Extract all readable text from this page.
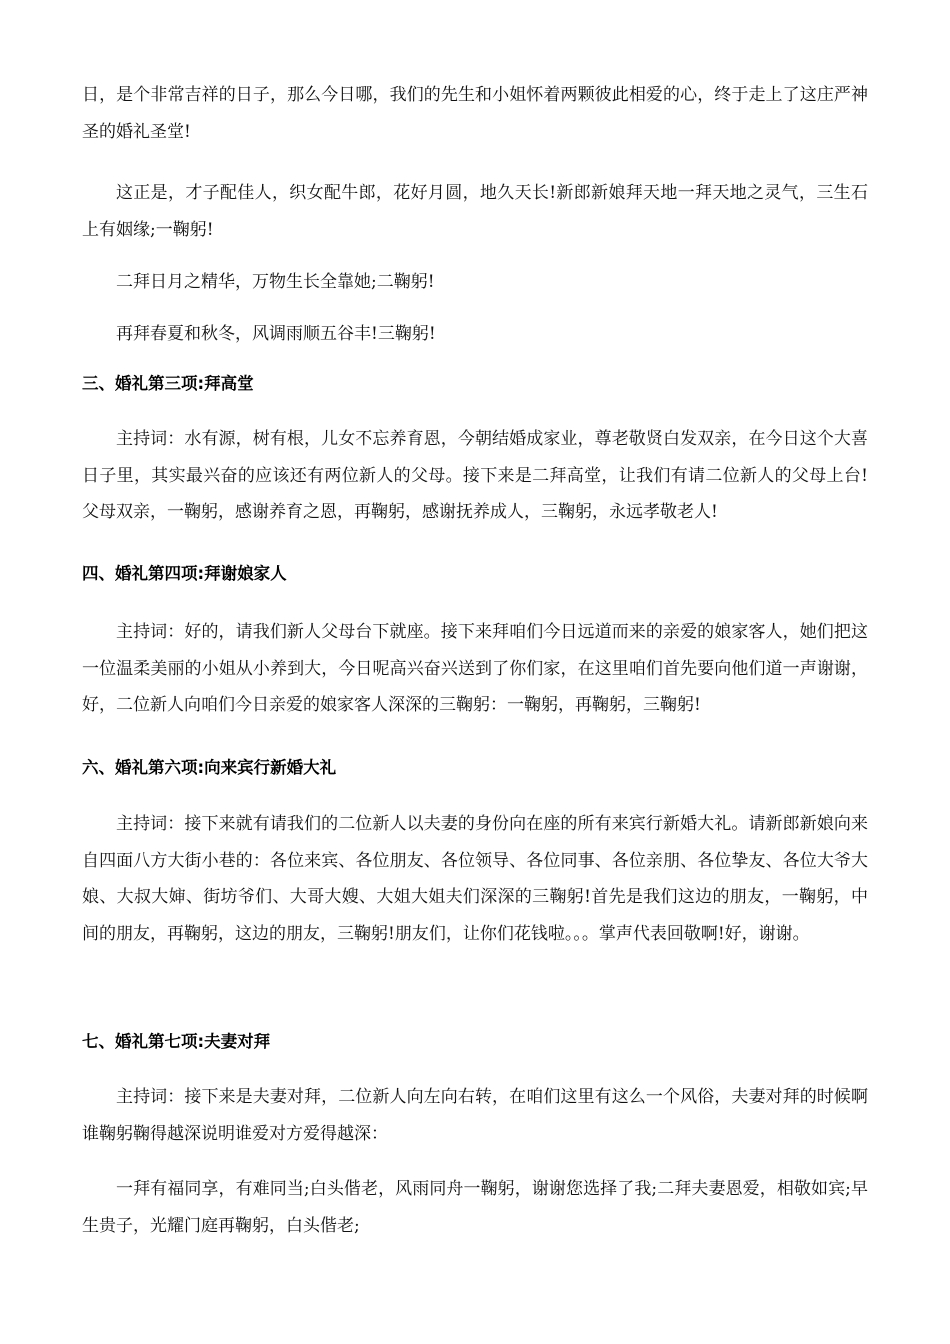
日，是个非常吉祥的日子，那么今日哪，我们的先生和小姐怀着两颗彼此相爱的心，终于走上了这庄严神圣的婚礼圣堂!

这正是，才子配佳人，织女配牛郎，花好月圆，地久天长!新郎新娘拜天地一拜天地之灵气，三生石上有姻缘;一鞠躬!

二拜日月之精华，万物生长全靠她;二鞠躬!

再拜春夏和秋冬，风调雨顺五谷丰!三鞠躬!

三、婚礼第三项:拜高堂

主持词：水有源，树有根，儿女不忘养育恩，今朝结婚成家业，尊老敬贤白发双亲，在今日这个大喜日子里，其实最兴奋的应该还有两位新人的父母。接下来是二拜高堂，让我们有请二位新人的父母上台!父母双亲，一鞠躬，感谢养育之恩，再鞠躬，感谢抚养成人，三鞠躬，永远孝敬老人!

四、婚礼第四项:拜谢娘家人

主持词：好的，请我们新人父母台下就座。接下来拜咱们今日远道而来的亲爱的娘家客人，她们把这一位温柔美丽的小姐从小养到大，今日呢高兴奋兴送到了你们家，在这里咱们首先要向他们道一声谢谢，好，二位新人向咱们今日亲爱的娘家客人深深的三鞠躬：一鞠躬，再鞠躬，三鞠躬!

六、婚礼第六项:向来宾行新婚大礼

主持词：接下来就有请我们的二位新人以夫妻的身份向在座的所有来宾行新婚大礼。请新郎新娘向来自四面八方大街小巷的：各位来宾、各位朋友、各位领导、各位同事、各位亲朋、各位挚友、各位大爷大娘、大叔大婶、街坊爷们、大哥大嫂、大姐大姐夫们深深的三鞠躬!首先是我们这边的朋友，一鞠躬，中间的朋友，再鞠躬，这边的朋友，三鞠躬!朋友们，让你们花钱啦。。。掌声代表回敬啊!好，谢谢。

七、婚礼第七项:夫妻对拜

主持词：接下来是夫妻对拜，二位新人向左向右转，在咱们这里有这么一个风俗，夫妻对拜的时候啊谁鞠躬鞠得越深说明谁爱对方爱得越深：

一拜有福同享，有难同当;白头偕老，风雨同舟一鞠躬，谢谢您选择了我;二拜夫妻恩爱，相敬如宾;早生贵子，光耀门庭再鞠躬，白头偕老;
